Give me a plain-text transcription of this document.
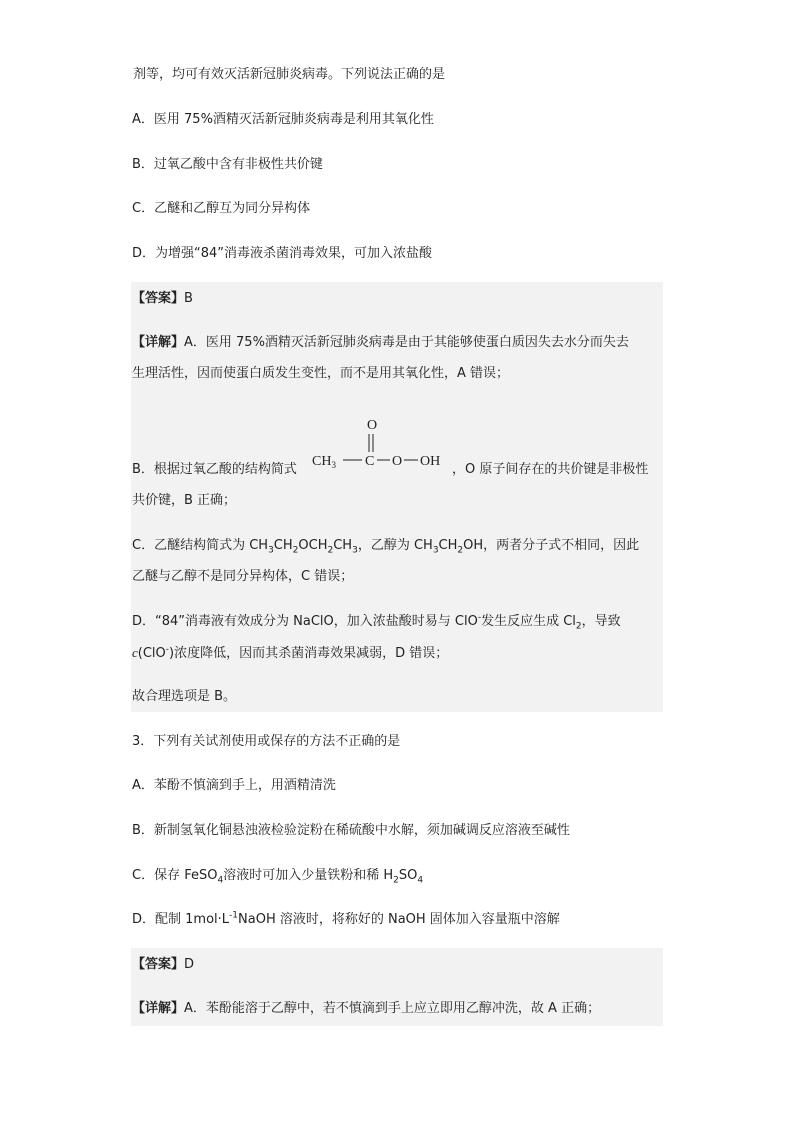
剂等，均可有效灭活新冠肺炎病毒。下列说法正确的是
A．医用 75%酒精灭活新冠肺炎病毒是利用其氧化性
B．过氧乙酸中含有非极性共价键
C．乙醚和乙醇互为同分异构体
D．为增强“84”消毒液杀菌消毒效果，可加入浓盐酸
【答案】B
【详解】A．医用 75%酒精灭活新冠肺炎病毒是由于其能够使蛋白质因失去水分而失去
生理活性，因而使蛋白质发生变性，而不是用其氧化性，A 错误；
O
$CH_3$ C O OH
B．根据过氧乙酸的结构简式	，O 原子间存在的共价键是非极性
共价键，B 正确；
C．乙醚结构简式为 $CH_3CH_2OCH_2CH_3$，乙醇为 $CH_3CH_2OH$，两者分子式不相同，因此
乙醚与乙醇不是同分异构体，C 错误；
D．“84”消毒液有效成分为 NaClO，加入浓盐酸时易与 ClO-发生反应生成 $Cl_2$，导致
c(ClO-)浓度降低，因而其杀菌消毒效果减弱，D 错误；
故合理选项是 B。
3．下列有关试剂使用或保存的方法不正确的是
A．苯酚不慎滴到手上，用酒精清洗
B．新制氢氧化铜悬浊液检验淀粉在稀硫酸中水解，须加碱调反应溶液至碱性
C．保存 FeSO$_4$溶液时可加入少量铁粉和稀 $H_2SO_4$
D．配制 $1mol\cdot L^{-1}NaOH$ 溶液时，将称好的 NaOH 固体加入容量瓶中溶解
【答案】D
【详解】A．苯酚能溶于乙醇中，若不慎滴到手上应立即用乙醇冲洗，故 A 正确；
